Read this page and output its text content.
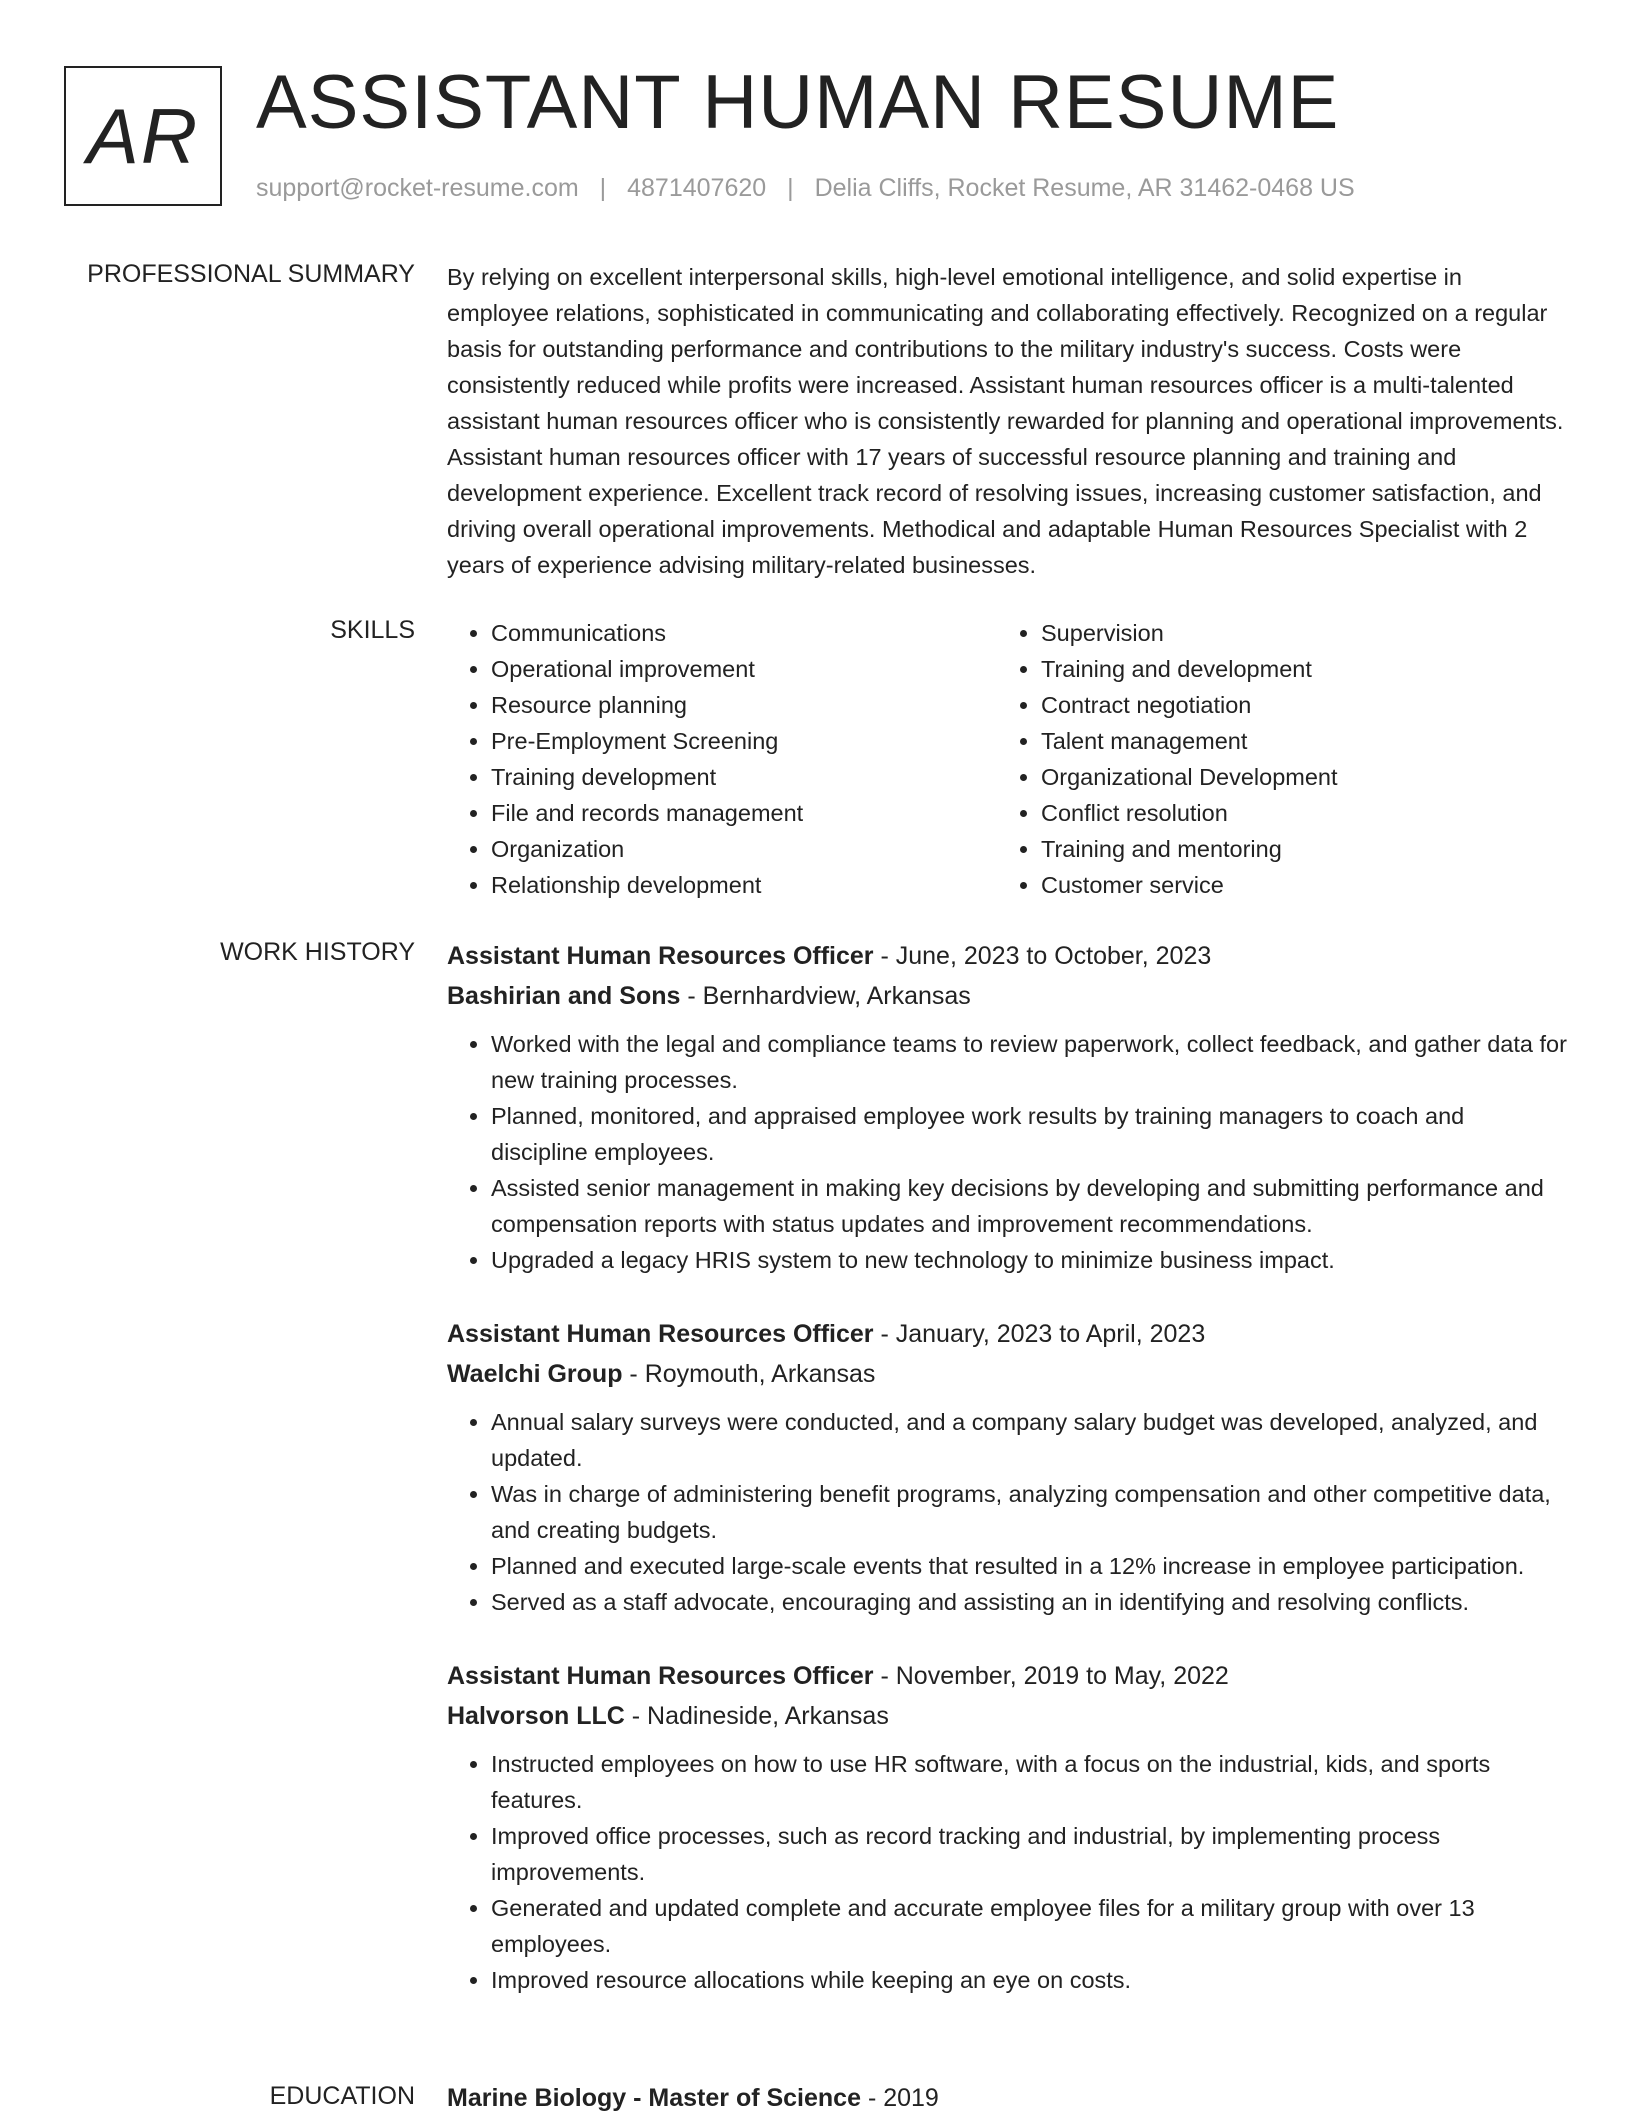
AR ASSISTANT HUMAN RESUME
support@rocket-resume.com | 4871407620 | Delia Cliffs, Rocket Resume, AR 31462-0468 US
PROFESSIONAL SUMMARY By relying on excellent interpersonal skills, high-level emotional intelligence, and solid expertise in employee relations, sophisticated in communicating and collaborating effectively. Recognized on a regular basis for outstanding performance and contributions to the military industry's success. Costs were consistently reduced while profits were increased. Assistant human resources officer is a multi-talented assistant human resources officer who is consistently rewarded for planning and operational improvements. Assistant human resources officer with 17 years of successful resource planning and training and development experience. Excellent track record of resolving issues, increasing customer satisfaction, and driving overall operational improvements. Methodical and adaptable Human Resources Specialist with 2 years of experience advising military-related businesses.

SKILLS
•	Communications
• Operational improvement
• Resource planning
• Pre-Employment Screening
• Training development
• File and records management
• Organization
• Relationship development
• Supervision
• Training and development
• Contract negotiation
• Talent management
• Organizational Development
• Conflict resolution
• Training and mentoring
• Customer service
WORK HISTORY Assistant Human Resources Officer - June, 2023 to October, 2023
Bashirian and Sons - Bernhardview, Arkansas
• Worked with the legal and compliance teams to review paperwork, collect feedback, and gather data for new training processes.
• Planned, monitored, and appraised employee work results by training managers to coach and discipline employees.
• Assisted senior management in making key decisions by developing and submitting performance and compensation reports with status updates and improvement recommendations.
• Upgraded a legacy HRIS system to new technology to minimize business impact.
Assistant Human Resources Officer - January, 2023 to April, 2023
Waelchi Group - Roymouth, Arkansas
• Annual salary surveys were conducted, and a company salary budget was developed, analyzed, and updated.
• Was in charge of administering benefit programs, analyzing compensation and other competitive data, and creating budgets.
• Planned and executed large-scale events that resulted in a 12% increase in employee participation.
• Served as a staff advocate, encouraging and assisting an in identifying and resolving conflicts.
Assistant Human Resources Officer - November, 2019 to May, 2022
Halvorson LLC - Nadineside, Arkansas
• Instructed employees on how to use HR software, with a focus on the industrial, kids, and sports features.
• Improved office processes, such as record tracking and industrial, by implementing process improvements.
• Generated and updated complete and accurate employee files for a military group with over 13 employees.
• Improved resource allocations while keeping an eye on costs.
EDUCATION Marine Biology - Master of Science - 2019
